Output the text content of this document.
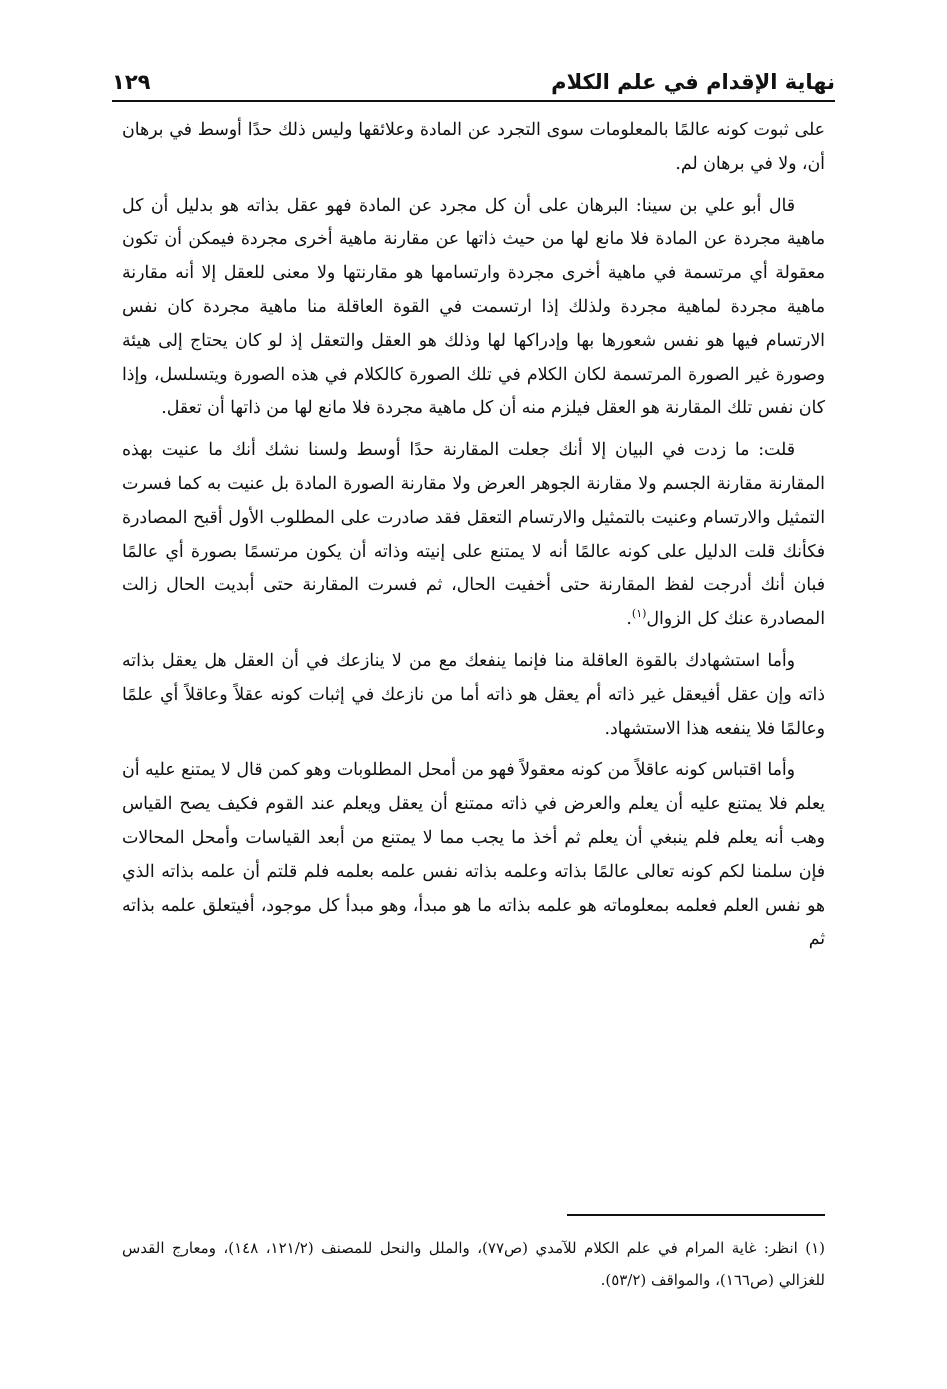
نهاية الإقدام في علم الكلام
١٢٩

على ثبوت كونه عالمًا بالمعلومات سوى التجرد عن المادة وعلائقها وليس ذلك حدًا أوسط في برهان أن، ولا في برهان لم.

قال أبو علي بن سينا: البرهان على أن كل مجرد عن المادة فهو عقل بذاته هو بدليل أن كل ماهية مجردة عن المادة فلا مانع لها من حيث ذاتها عن مقارنة ماهية أخرى مجردة فيمكن أن تكون معقولة أي مرتسمة في ماهية أخرى مجردة وارتسامها هو مقارنتها ولا معنى للعقل إلا أنه مقارنة ماهية مجردة لماهية مجردة ولذلك إذا ارتسمت في القوة العاقلة منا ماهية مجردة كان نفس الارتسام فيها هو نفس شعورها بها وإدراكها لها وذلك هو العقل والتعقل إذ لو كان يحتاج إلى هيئة وصورة غير الصورة المرتسمة لكان الكلام في تلك الصورة كالكلام في هذه الصورة ويتسلسل، وإذا كان نفس تلك المقارنة هو العقل فيلزم منه أن كل ماهية مجردة فلا مانع لها من ذاتها أن تعقل.

قلت: ما زدت في البيان إلا أنك جعلت المقارنة حدًا أوسط ولسنا نشك أنك ما عنيت بهذه المقارنة مقارنة الجسم ولا مقارنة الجوهر العرض ولا مقارنة الصورة المادة بل عنيت به كما فسرت التمثيل والارتسام وعنيت بالتمثيل والارتسام التعقل فقد صادرت على المطلوب الأول أقبح المصادرة فكأنك قلت الدليل على كونه عالمًا أنه لا يمتنع على إنيته وذاته أن يكون مرتسمًا بصورة أي عالمًا فبان أنك أدرجت لفظ المقارنة حتى أخفيت الحال، ثم فسرت المقارنة حتى أبديت الحال زالت المصادرة عنك كل الزوال$^{(١)}$.

وأما استشهادك بالقوة العاقلة منا فإنما ينفعك مع من لا ينازعك في أن العقل هل يعقل بذاته ذاته وإن عقل أفيعقل غير ذاته أم يعقل هو ذاته أما من نازعك في إثبات كونه عقلاً وعاقلاً أي علمًا وعالمًا فلا ينفعه هذا الاستشهاد.

وأما اقتباس كونه عاقلاً من كونه معقولاً فهو من أمحل المطلوبات وهو كمن قال لا يمتنع عليه أن يعلم فلا يمتنع عليه أن يعلم والعرض في ذاته ممتنع أن يعقل ويعلم عند القوم فكيف يصح القياس وهب أنه يعلم فلم ينبغي أن يعلم ثم أخذ ما يجب مما لا يمتنع من أبعد القياسات وأمحل المحالات فإن سلمنا لكم كونه تعالى عالمًا بذاته وعلمه بذاته نفس علمه بعلمه فلم قلتم أن علمه بذاته الذي هو نفس العلم فعلمه بمعلوماته هو علمه بذاته ما هو مبدأ، وهو مبدأ كل موجود، أفيتعلق علمه بذاته ثم

(١) انظر: غاية المرام في علم الكلام للآمدي (ص٧٧)، والملل والنحل للمصنف (١٢١/٢، ١٤٨)، ومعارج القدس للغزالي (ص١٦٦)، والمواقف (٥٣/٢).
